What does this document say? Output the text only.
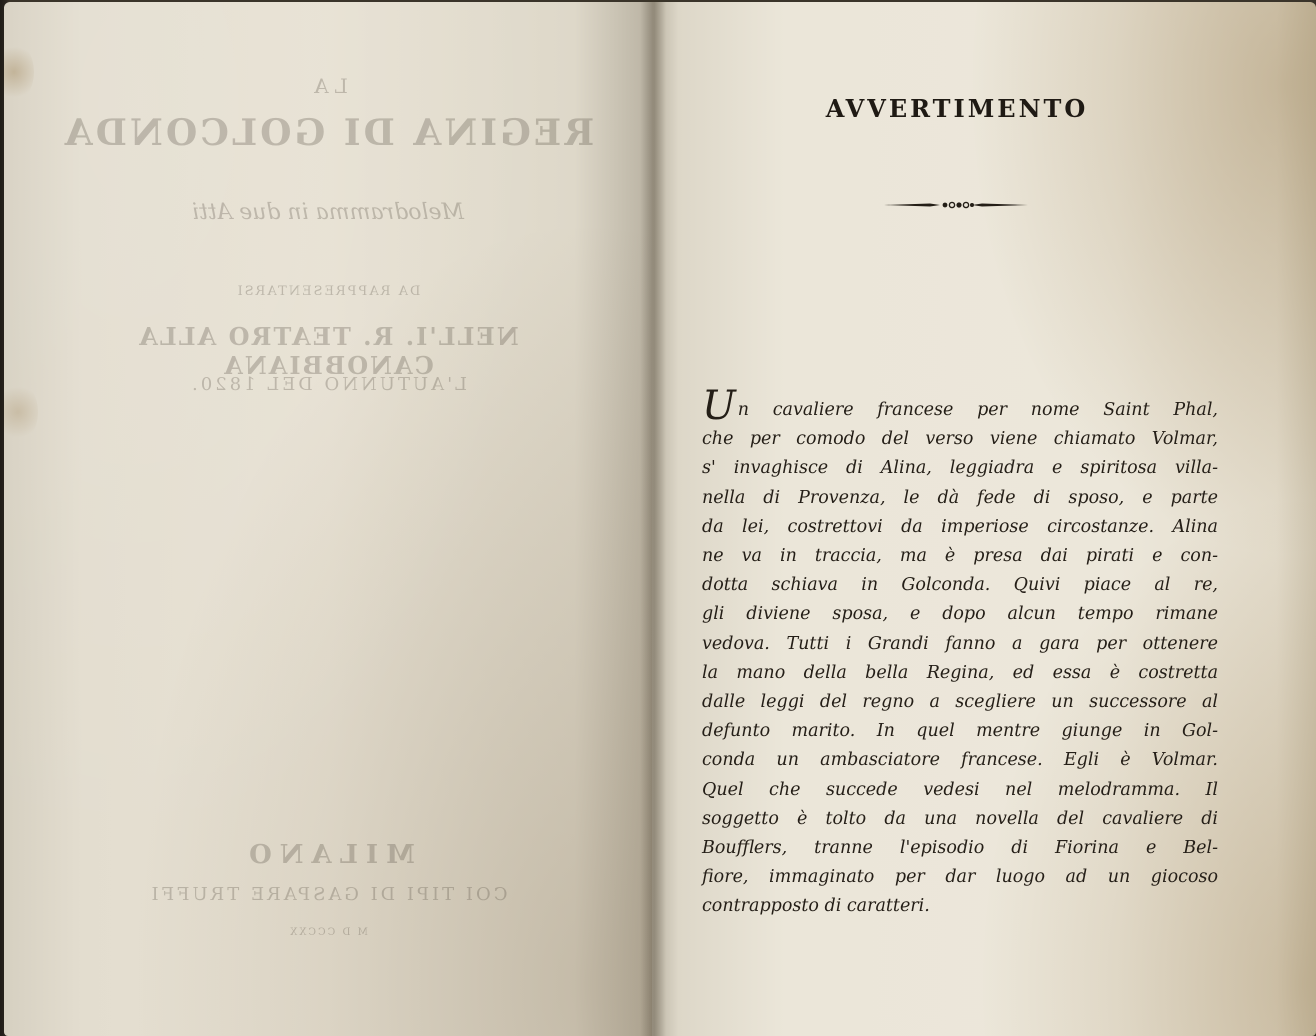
LA
REGINA DI GOLCONDA
Melodramma in due Atti
DA RAPPRESENTARSI
NELL'I. R. TEATRO ALLA CANOBBIANA
L'AUTUNNO DEL 1820.
MILANO
COI TIPI DI GASPARE TRUFFI
M D CCCXX
AVVERTIMENTO
Un cavaliere francese per nome Saint Phal,
che per comodo del verso viene chiamato Volmar,
s' invaghisce di Alina, leggiadra e spiritosa villa-
nella di Provenza, le dà fede di sposo, e parte
da lei, costrettovi da imperiose circostanze. Alina
ne va in traccia, ma è presa dai pirati e con-
dotta schiava in Golconda. Quivi piace al re,
gli diviene sposa, e dopo alcun tempo rimane
vedova. Tutti i Grandi fanno a gara per ottenere
la mano della bella Regina, ed essa è costretta
dalle leggi del regno a scegliere un successore al
defunto marito. In quel mentre giunge in Gol-
conda un ambasciatore francese. Egli è Volmar.
Quel che succede vedesi nel melodramma. Il
soggetto è tolto da una novella del cavaliere di
Boufflers, tranne l'episodio di Fiorina e Bel-
fiore, immaginato per dar luogo ad un giocoso
contrapposto di caratteri.
